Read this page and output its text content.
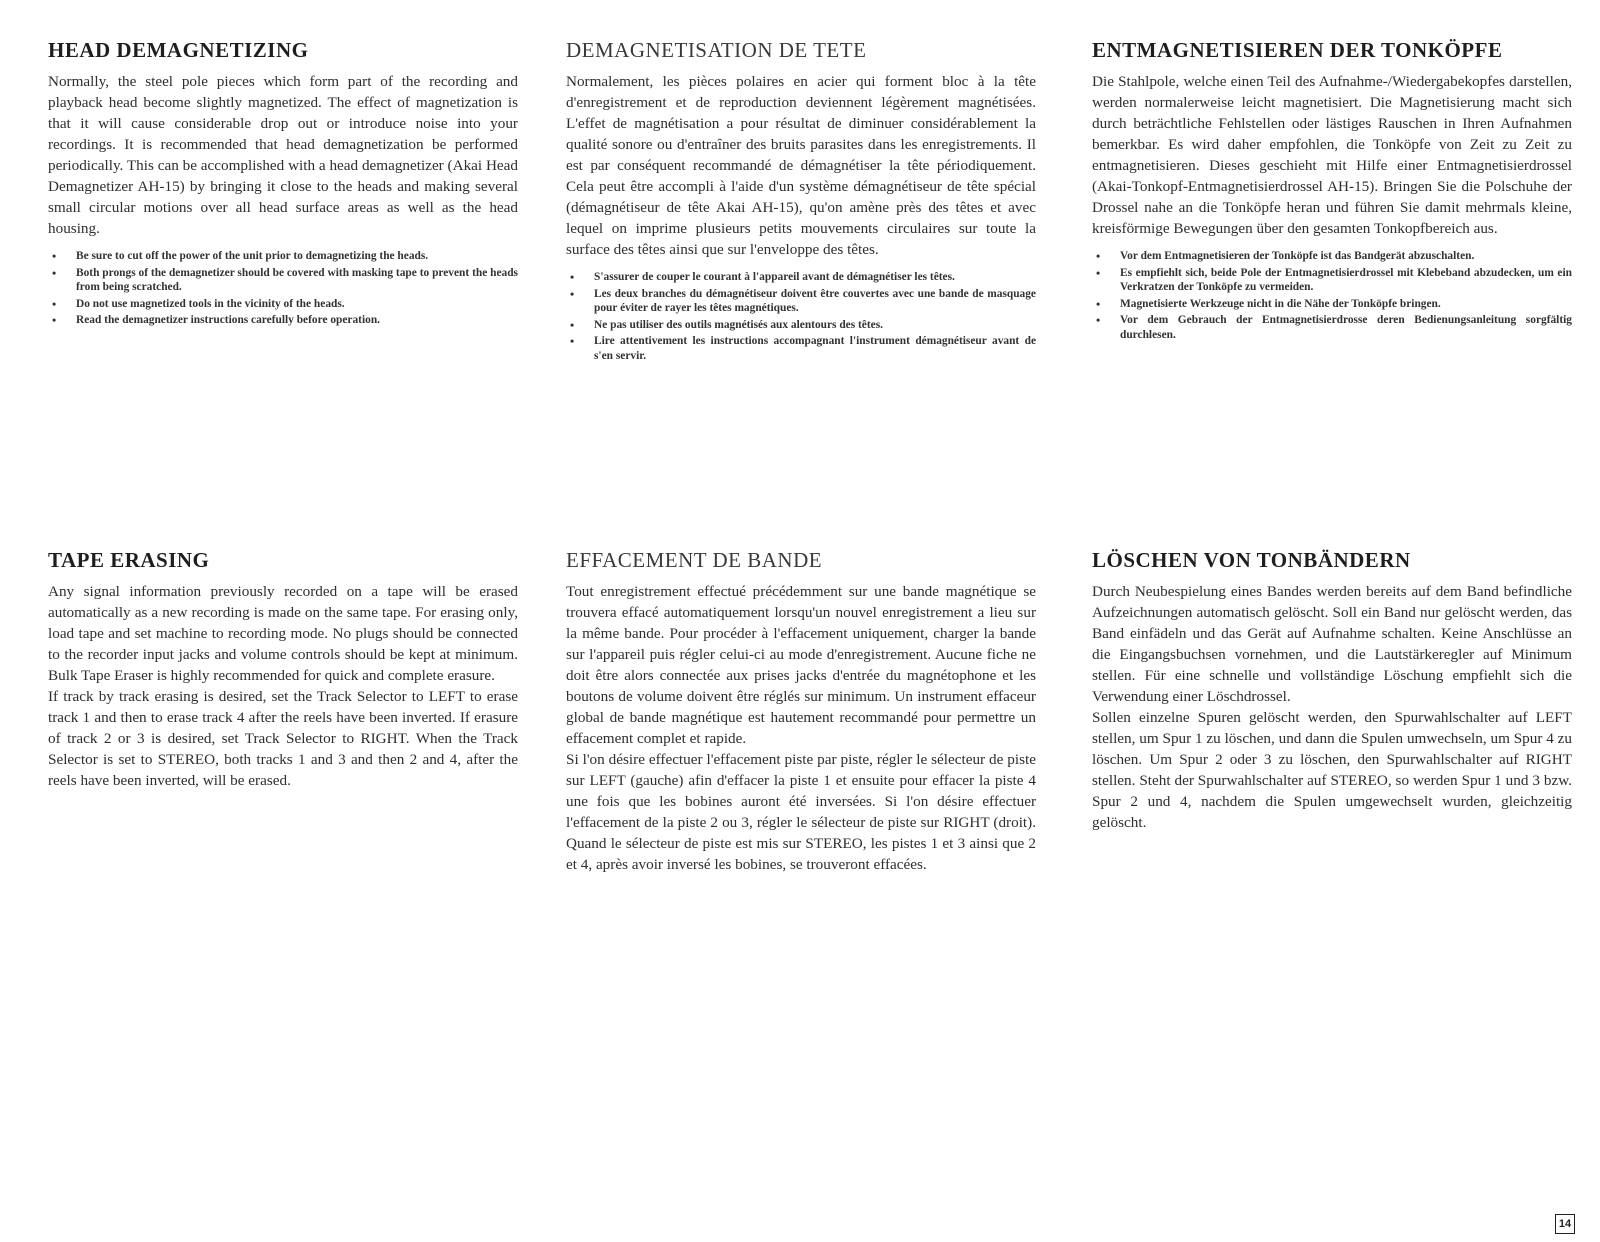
HEAD DEMAGNETIZING

Normally, the steel pole pieces which form part of the recording and playback head become slightly magnetized. The effect of magnetization is that it will cause considerable drop out or introduce noise into your recordings. It is recommended that head demagnetization be performed periodically. This can be accomplished with a head demagnetizer (Akai Head Demagnetizer AH-15) by bringing it close to the heads and making several small circular motions over all head surface areas as well as the head housing.

• Be sure to cut off the power of the unit prior to demagnetizing the heads.
• Both prongs of the demagnetizer should be covered with masking tape to prevent the heads from being scratched.
• Do not use magnetized tools in the vicinity of the heads.
• Read the demagnetizer instructions carefully before operation.
DEMAGNETISATION DE TETE

Normalement, les pièces polaires en acier qui forment bloc à la tête d'enregistrement et de reproduction deviennent légèrement magnétisées. L'effet de magnétisation a pour résultat de diminuer considérablement la qualité sonore ou d'entraîner des bruits parasites dans les enregistrements. Il est par conséquent recommandé de démagnétiser la tête périodiquement. Cela peut être accompli à l'aide d'un système démagnétiseur de tête spécial (démagnétiseur de tête Akai AH-15), qu'on amène près des têtes et avec lequel on imprime plusieurs petits mouvements circulaires sur toute la surface des têtes ainsi que sur l'enveloppe des têtes.

• S'assurer de couper le courant à l'appareil avant de démagnétiser les têtes.
• Les deux branches du démagnétiseur doivent être couvertes avec une bande de masquage pour éviter de rayer les têtes magnétiques.
• Ne pas utiliser des outils magnétisés aux alentours des têtes.
• Lire attentivement les instructions accompagnant l'instrument démagnétiseur avant de s'en servir.
ENTMAGNETISIEREN DER TONKÖPFE

Die Stahlpole, welche einen Teil des Aufnahme-/Wiedergabekopfes darstellen, werden normalerweise leicht magnetisiert. Die Magnetisierung macht sich durch beträchtliche Fehlstellen oder lästiges Rauschen in Ihren Aufnahmen bemerkbar. Es wird daher empfohlen, die Tonköpfe von Zeit zu Zeit zu entmagnetisieren. Dieses geschieht mit Hilfe einer Entmagnetisierdrossel (Akai-Tonkopf-Entmagnetisierdrossel AH-15). Bringen Sie die Polschuhe der Drossel nahe an die Tonköpfe heran und führen Sie damit mehrmals kleine, kreisförmige Bewegungen über den gesamten Tonkopfbereich aus.

• Vor dem Entmagnetisieren der Tonköpfe ist das Bandgerät abzuschalten.
• Es empfiehlt sich, beide Pole der Entmagnetisierdrossel mit Klebeband abzudecken, um ein Verkratzen der Tonköpfe zu vermeiden.
• Magnetisierte Werkzeuge nicht in die Nähe der Tonköpfe bringen.
• Vor dem Gebrauch der Entmagnetisierdrosse deren Bedienungsanleitung sorgfältig durchlesen.
TAPE ERASING

Any signal information previously recorded on a tape will be erased automatically as a new recording is made on the same tape. For erasing only, load tape and set machine to recording mode. No plugs should be connected to the recorder input jacks and volume controls should be kept at minimum. Bulk Tape Eraser is highly recommended for quick and complete erasure.

If track by track erasing is desired, set the Track Selector to LEFT to erase track 1 and then to erase track 4 after the reels have been inverted. If erasure of track 2 or 3 is desired, set Track Selector to RIGHT. When the Track Selector is set to STEREO, both tracks 1 and 3 and then 2 and 4, after the reels have been inverted, will be erased.

EFFACEMENT DE BANDE

Tout enregistrement effectué précédemment sur une bande magnétique se trouvera effacé automatiquement lorsqu'un nouvel enregistrement a lieu sur la même bande. Pour procéder à l'effacement uniquement, charger la bande sur l'appareil puis régler celui-ci au mode d'enregistrement. Aucune fiche ne doit être alors connectée aux prises jacks d'entrée du magnétophone et les boutons de volume doivent être réglés sur minimum. Un instrument effaceur global de bande magnétique est hautement recommandé pour permettre un effacement complet et rapide.

Si l'on désire effectuer l'effacement piste par piste, régler le sélecteur de piste sur LEFT (gauche) afin d'effacer la piste 1 et ensuite pour effacer la piste 4 une fois que les bobines auront été inversées. Si l'on désire effectuer l'effacement de la piste 2 ou 3, régler le sélecteur de piste sur RIGHT (droit). Quand le sélecteur de piste est mis sur STEREO, les pistes 1 et 3 ainsi que 2 et 4, après avoir inversé les bobines, se trouveront effacées.

LÖSCHEN VON TONBÄNDERN

Durch Neubespielung eines Bandes werden bereits auf dem Band befindliche Aufzeichnungen automatisch gelöscht. Soll ein Band nur gelöscht werden, das Band einfädeln und das Gerät auf Aufnahme schalten. Keine Anschlüsse an die Eingangsbuchsen vornehmen, und die Lautstärkeregler auf Minimum stellen. Für eine schnelle und vollständige Löschung empfiehlt sich die Verwendung einer Löschdrossel.

Sollen einzelne Spuren gelöscht werden, den Spurwahlschalter auf LEFT stellen, um Spur 1 zu löschen, und dann die Spulen umwechseln, um Spur 4 zu löschen. Um Spur 2 oder 3 zu löschen, den Spurwahlschalter auf RIGHT stellen. Steht der Spurwahlschalter auf STEREO, so werden Spur 1 und 3 bzw. Spur 2 und 4, nachdem die Spulen umgewechselt wurden, gleichzeitig gelöscht.

14
